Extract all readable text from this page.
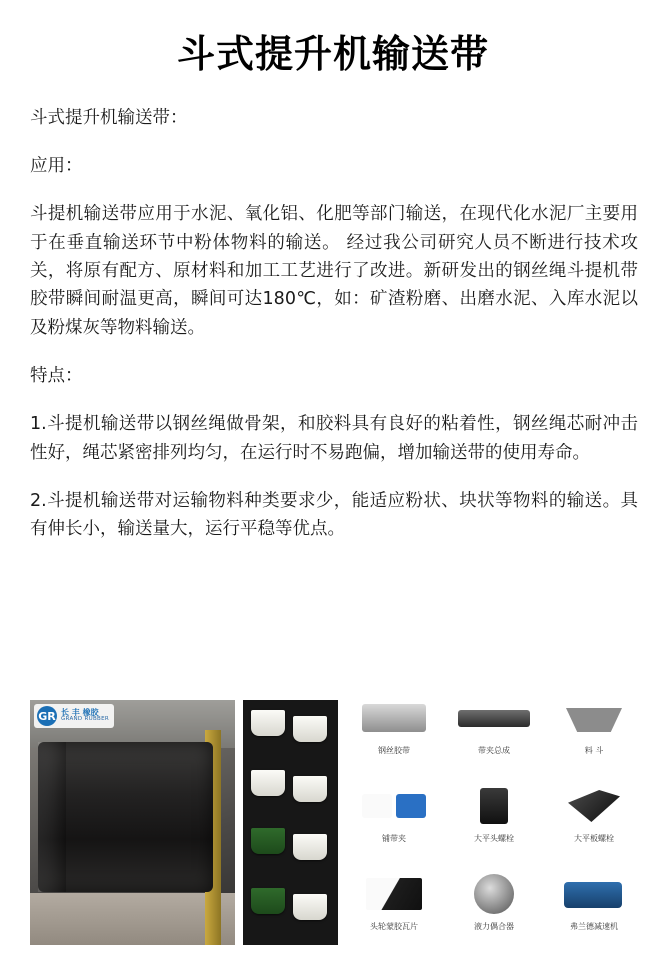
斗式提升机输送带

斗式提升机输送带：

应用：

斗提机输送带应用于水泥、氧化铝、化肥等部门输送，在现代化水泥厂主要用于在垂直输送环节中粉体物料的输送。 经过我公司研究人员不断进行技术攻关，将原有配方、原材料和加工工艺进行了改进。新研发出的钢丝绳斗提机带胶带瞬间耐温更高，瞬间可达180℃，如：矿渣粉磨、出磨水泥、入库水泥以及粉煤灰等物料输送。

特点：

1.斗提机输送带以钢丝绳做骨架，和胶料具有良好的粘着性，钢丝绳芯耐冲击性好，绳芯紧密排列均匀，在运行时不易跑偏，增加输送带的使用寿命。

2.斗提机输送带对运输物料种类要求少，能适应粉状、块状等物料的输送。具有伸长小，输送量大，运行平稳等优点。

GR 长 丰 橡胶
GRAND RUBBER
钢丝胶带	带夹总成	料 斗
铺带夹	大平头螺栓	大平板螺栓
头轮蒙胶瓦片	液力偶合器	弗兰德减速机
